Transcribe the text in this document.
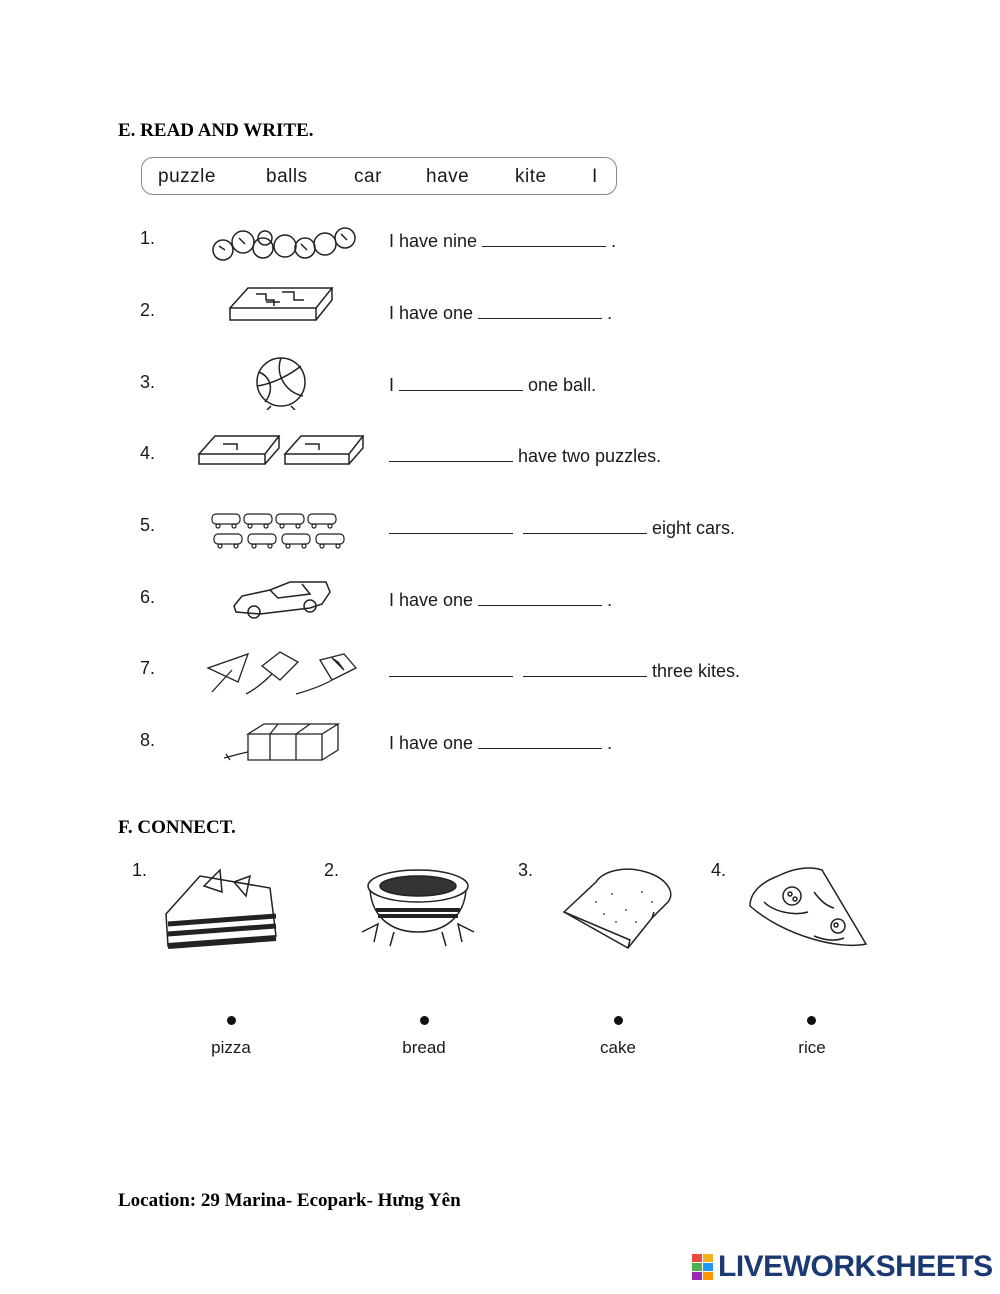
E. READ AND WRITE.
puzzle	balls car have kite I
1.	I have nine	.
2.	I have one	.
3.	I	one ball.
4.	have two puzzles.
5.	eight cars.
6.	I have one	.
7.	three kites.
8.	I have one	.
F. CONNECT.
1.	2.	3.	4.
pizza	bread	cake	rice
Location: 29 Marina- Ecopark- Hưng Yên
LIVEWORKSHEETS
